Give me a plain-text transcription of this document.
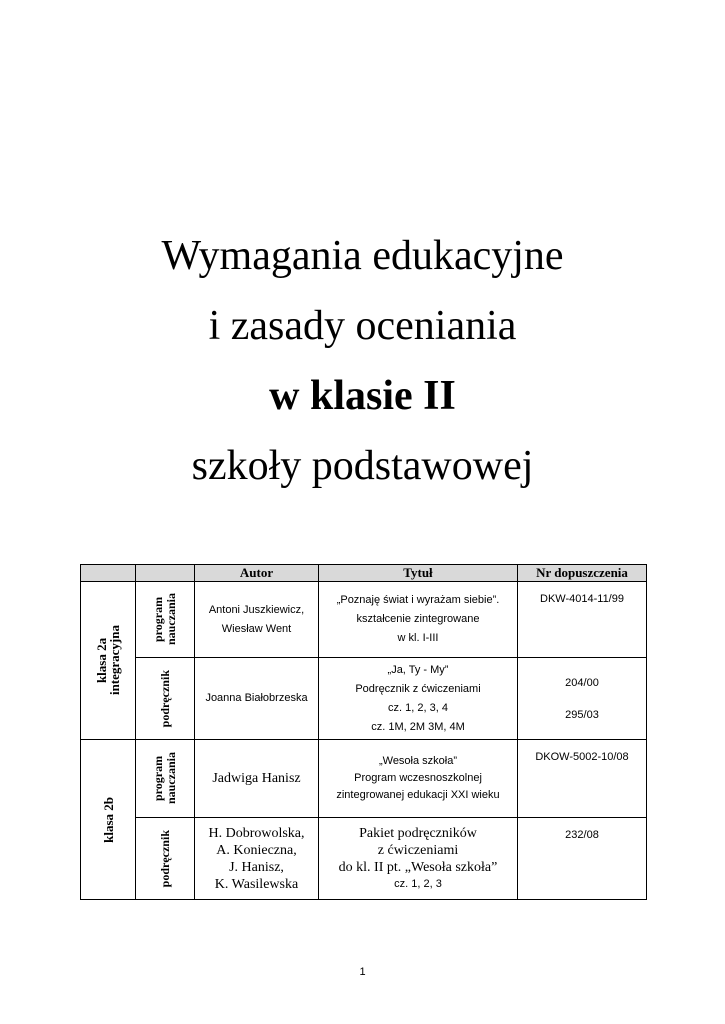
Wymagania edukacyjne
i zasady oceniania
w klasie II
szkoły podstawowej
		Autor	Tytuł	Nr dopuszczenia

klasa 2a
integracyjna	program nauczania	Antoni Juszkiewicz,
Wiesław Went	„Poznaję świat i wyrażam siebie”.
kształcenie zintegrowane
w kl. I-III	DKW-4014-11/99

	podręcznik	Joanna Białobrzeska	„Ja, Ty - My”
Podręcznik z ćwiczeniami
cz. 1, 2, 3, 4
cz. 1M, 2M 3M, 4M	204/00
295/03

klasa 2b	program nauczania	Jadwiga Hanisz	„Wesoła szkoła”
Program wczesnoszkolnej
zintegrowanej edukacji XXI wieku	DKOW-5002-10/08

	podręcznik	H. Dobrowolska,
A. Konieczna,
J. Hanisz,
K. Wasilewska	Pakiet podręczników
z ćwiczeniami
do kl. II pt. „Wesoła szkoła”
cz. 1, 2, 3	232/08
1
